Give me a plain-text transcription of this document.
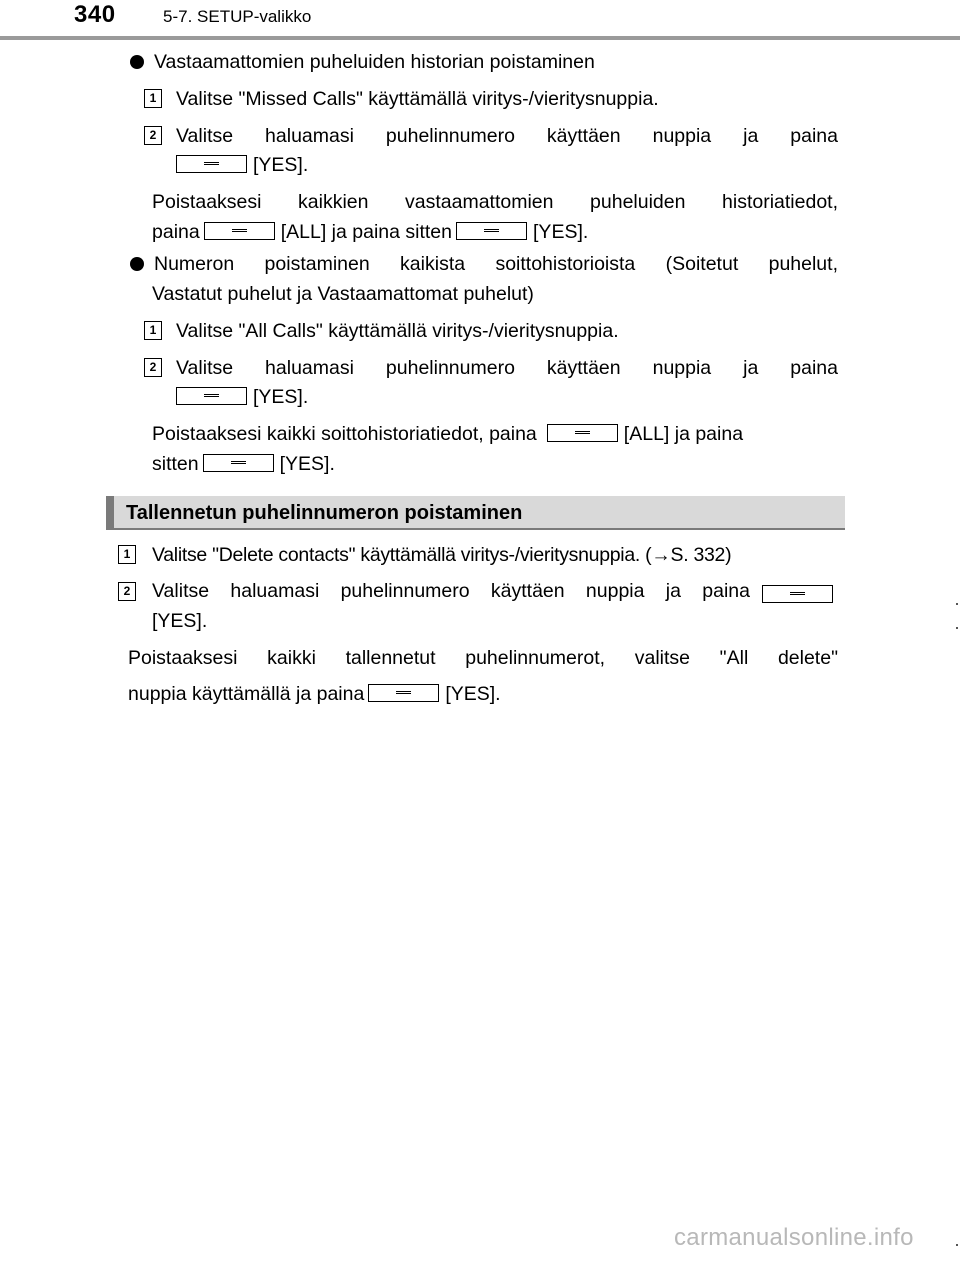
340	5-7. SETUP-valikko
Vastaamattomien puheluiden historian poistaminen
1 Valitse "Missed Calls" käyttämällä viritys-/vieritysnuppia.
2 Valitse haluamasi puhelinnumero käyttäen nuppia ja paina
[YES].
Poistaaksesi kaikkien vastaamattomien puheluiden historiatiedot,
paina	[ALL] ja paina sitten	[YES].
Numeron poistaminen kaikista soittohistorioista (Soitetut puhelut,
Vastatut puhelut ja Vastaamattomat puhelut)
1 Valitse "All Calls" käyttämällä viritys-/vieritysnuppia.
2 Valitse haluamasi puhelinnumero käyttäen nuppia ja paina
[YES].
Poistaaksesi kaikki soittohistoriatiedot, paina	[ALL] ja paina
sitten	[YES].
Tallennetun puhelinnumeron poistaminen
1 Valitse "Delete contacts" käyttämällä viritys-/vieritysnuppia. (→S. 332)
2 Valitse haluamasi puhelinnumero käyttäen nuppia ja paina
[YES].
Poistaaksesi kaikki tallennetut puhelinnumerot, valitse "All delete"
nuppia käyttämällä ja paina	[YES].
carmanualsonline.info
